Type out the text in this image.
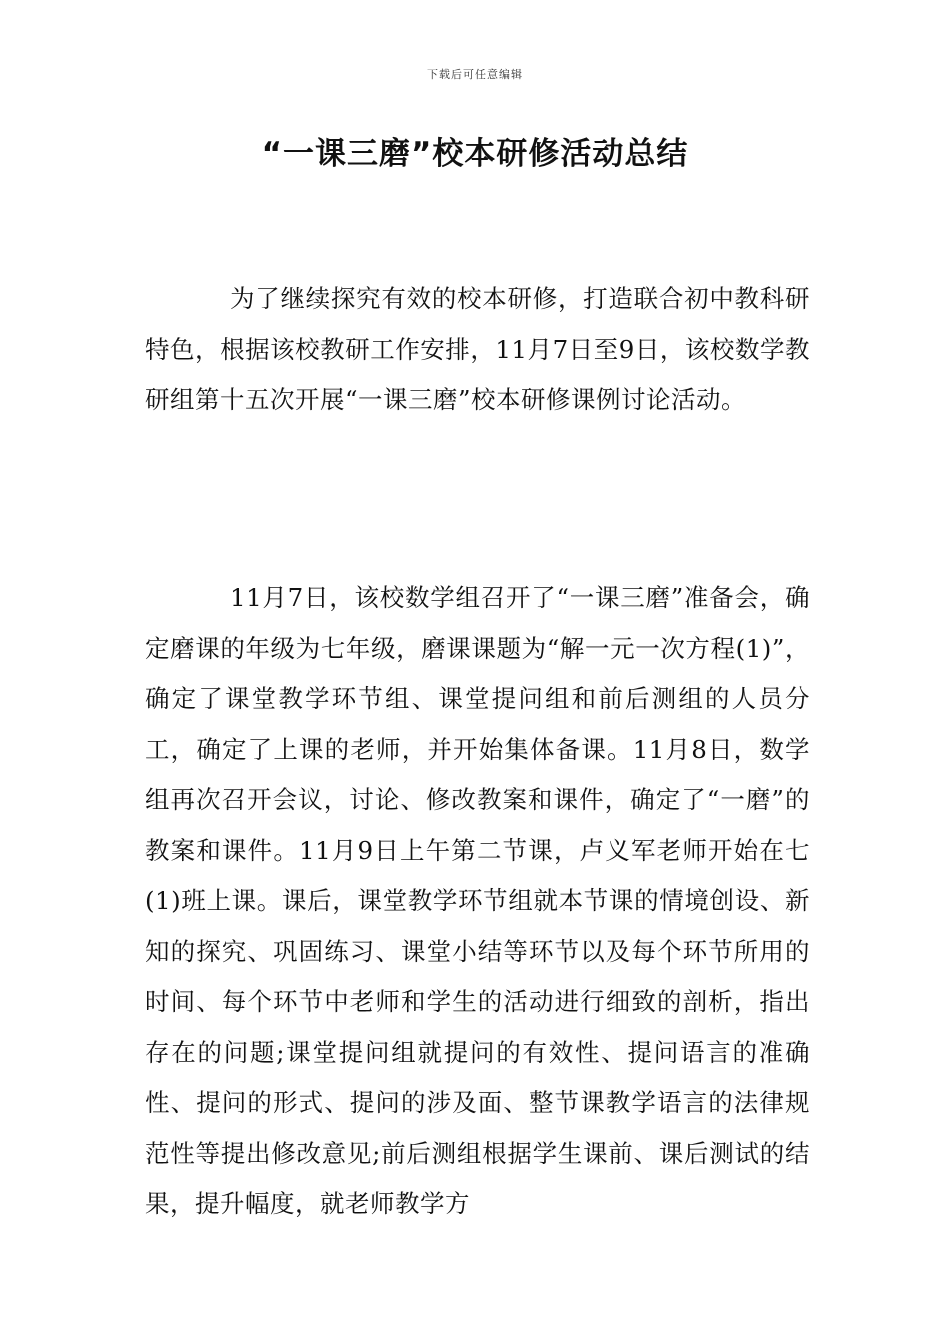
下载后可任意编辑
“一课三磨”校本研修活动总结

为了继续探究有效的校本研修，打造联合初中教科研特色，根据该校教研工作安排，11月7日至9日，该校数学教研组第十五次开展“一课三磨”校本研修课例讨论活动。

11月7日，该校数学组召开了“一课三磨”准备会，确定磨课的年级为七年级，磨课课题为“解一元一次方程(1)”，确定了课堂教学环节组、课堂提问组和前后测组的人员分工，确定了上课的老师，并开始集体备课。11月8日，数学组再次召开会议，讨论、修改教案和课件，确定了“一磨”的教案和课件。11月9日上午第二节课，卢义军老师开始在七(1)班上课。课后，课堂教学环节组就本节课的情境创设、新知的探究、巩固练习、课堂小结等环节以及每个环节所用的时间、每个环节中老师和学生的活动进行细致的剖析，指出存在的问题;课堂提问组就提问的有效性、提问语言的准确性、提问的形式、提问的涉及面、整节课教学语言的法律规范性等提出修改意见;前后测组根据学生课前、课后测试的结果，提升幅度，就老师教学方
